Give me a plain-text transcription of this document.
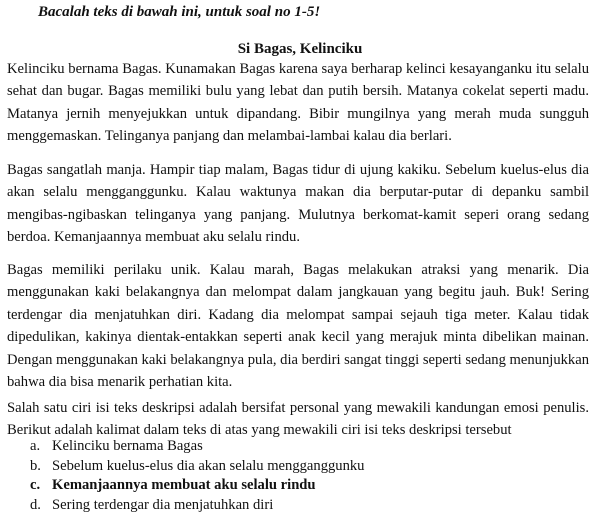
Bacalah teks di bawah ini, untuk soal no 1-5!
Si Bagas, Kelinciku

Kelinciku bernama Bagas. Kunamakan Bagas karena saya berharap kelinci kesayanganku itu selalu sehat dan bugar. Bagas memiliki bulu yang lebat dan putih bersih. Matanya cokelat seperti madu. Matanya jernih menyejukkan untuk dipandang. Bibir mungilnya yang merah muda sungguh menggemaskan. Telinganya panjang dan melambai-lambai kalau dia berlari.

Bagas sangatlah manja. Hampir tiap malam, Bagas tidur di ujung kakiku. Sebelum kuelus-elus dia akan selalu mengganggunku. Kalau waktunya makan dia berputar-putar di depanku sambil mengibas-ngibaskan telinganya yang panjang. Mulutnya berkomat-kamit seperi orang sedang berdoa. Kemanjaannya membuat aku selalu rindu.

Bagas memiliki perilaku unik. Kalau marah, Bagas melakukan atraksi yang menarik. Dia menggunakan kaki belakangnya dan melompat dalam jangkauan yang begitu jauh. Buk! Sering terdengar dia menjatuhkan diri. Kadang dia melompat sampai sejauh tiga meter. Kalau tidak dipedulikan, kakinya dientak-entakkan seperti anak kecil yang merajuk minta dibelikan mainan. Dengan menggunakan kaki belakangnya pula, dia berdiri sangat tinggi seperti sedang menunjukkan bahwa dia bisa menarik perhatian kita.

Salah satu ciri isi teks deskripsi adalah bersifat personal yang mewakili kandungan emosi penulis. Berikut adalah kalimat dalam teks di atas yang mewakili ciri isi teks deskripsi tersebut

a. Kelinciku bernama Bagas
b. Sebelum kuelus-elus dia akan selalu mengganggunku
c. Kemanjaannya membuat aku selalu rindu
d. Sering terdengar dia menjatuhkan diri
